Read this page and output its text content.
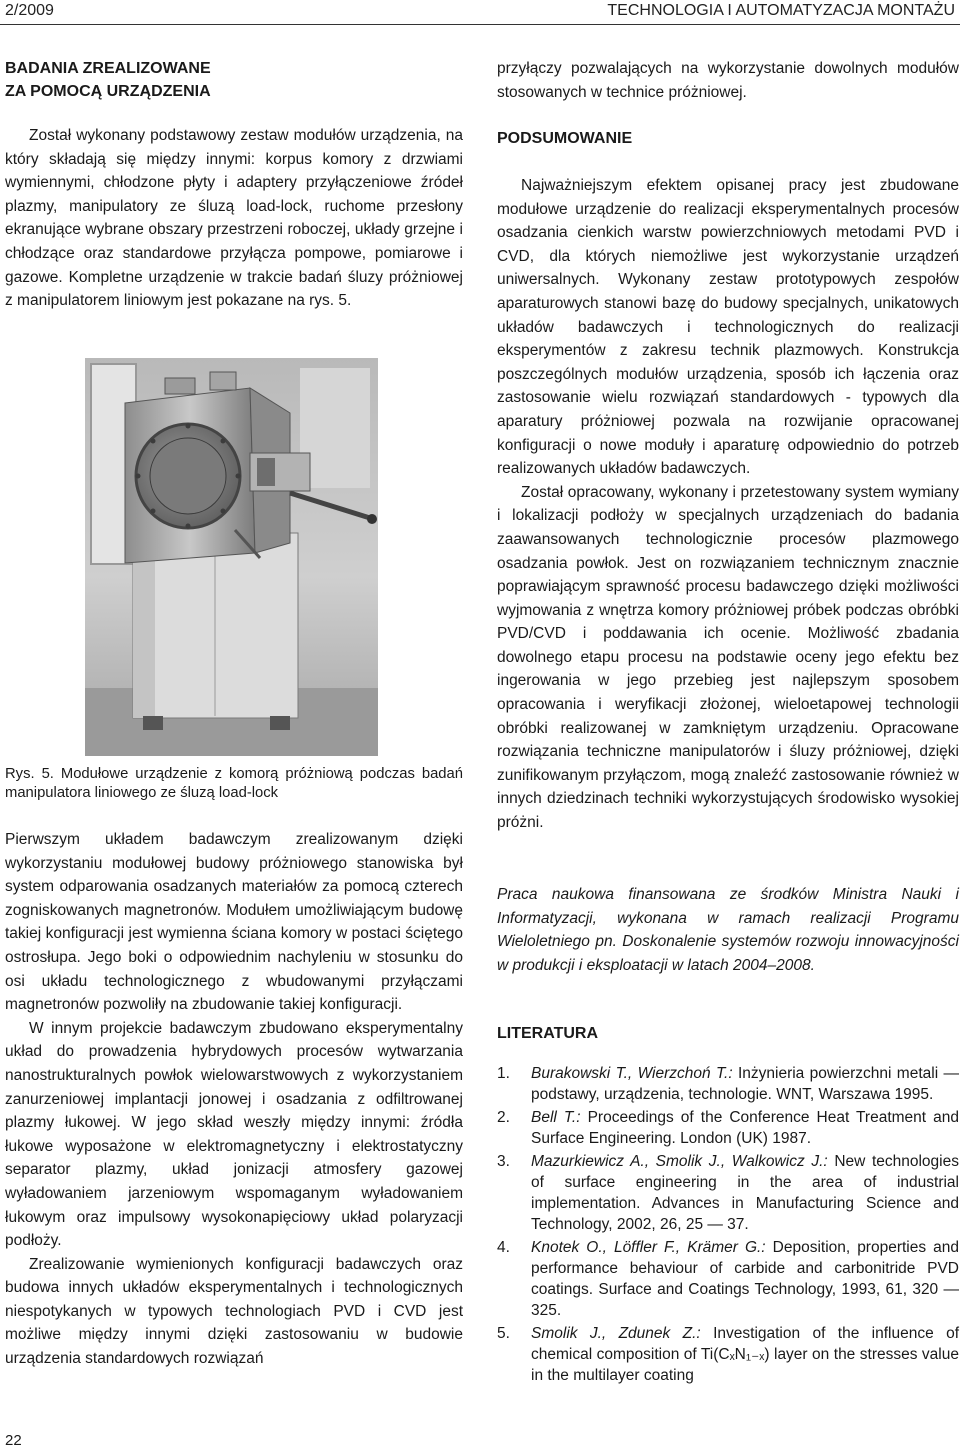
2/2009	TECHNOLOGIA I AUTOMATYZACJA MONTAŻU
BADANIA ZREALIZOWANE
ZA POMOCĄ URZĄDZENIA

Został wykonany podstawowy zestaw modułów urządzenia, na który składają się między innymi: korpus komory z drzwiami wymiennymi, chłodzone płyty i adaptery przyłączeniowe źródeł plazmy, manipulatory ze śluzą load-lock, ruchome przesłony ekranujące wybrane obszary przestrzeni roboczej, układy grzejne i chłodzące oraz standardowe przyłącza pompowe, pomiarowe i gazowe. Kompletne urządzenie w trakcie badań śluzy próżniowej z manipulatorem liniowym jest pokazane na rys. 5.

Rys. 5. Modułowe urządzenie z komorą próżniową podczas badań manipulatora liniowego ze śluzą load-lock

Pierwszym układem badawczym zrealizowanym dzięki wykorzystaniu modułowej budowy próżniowego stanowiska był system odparowania osadzanych materiałów za pomocą czterech zogniskowanych magnetronów. Modułem umożliwiającym budowę takiej konfiguracji jest wymienna ściana komory w postaci ściętego ostrosłupa. Jego boki o odpowiednim nachyleniu w stosunku do osi układu technologicznego z wbudowanymi przyłączami magnetronów pozwoliły na zbudowanie takiej konfiguracji.

W innym projekcie badawczym zbudowano eksperymentalny układ do prowadzenia hybrydowych procesów wytwarzania nanostrukturalnych powłok wielowarstwowych z wykorzystaniem zanurzeniowej implantacji jonowej i osadzania z odfiltrowanej plazmy łukowej. W jego skład weszły między innymi: źródła łukowe wyposażone w elektromagnetyczny i elektrostatyczny separator plazmy, układ jonizacji atmosfery gazowej wyładowaniem jarzeniowym wspomaganym wyładowaniem łukowym oraz impulsowy wysokonapięciowy układ polaryzacji podłoży.

Zrealizowanie wymienionych konfiguracji badawczych oraz budowa innych układów eksperymentalnych i technologicznych niespotykanych w typowych technologiach PVD i CVD jest możliwe między innymi dzięki zastosowaniu w budowie urządzenia standardowych rozwiązań

przyłączy pozwalających na wykorzystanie dowolnych modułów stosowanych w technice próżniowej.

PODSUMOWANIE

Najważniejszym efektem opisanej pracy jest zbudowane modułowe urządzenie do realizacji eksperymentalnych procesów osadzania cienkich warstw powierzchniowych metodami PVD i CVD, dla których niemożliwe jest wykorzystanie urządzeń uniwersalnych. Wykonany zestaw prototypowych zespołów aparaturowych stanowi bazę do budowy specjalnych, unikatowych układów badawczych i technologicznych do realizacji eksperymentów z zakresu technik plazmowych. Konstrukcja poszczególnych modułów urządzenia, sposób ich łączenia oraz zastosowanie wielu rozwiązań standardowych - typowych dla aparatury próżniowej pozwala na rozwijanie opracowanej konfiguracji o nowe moduły i aparaturę odpowiednio do potrzeb realizowanych układów badawczych.

Został opracowany, wykonany i przetestowany system wymiany i lokalizacji podłoży w specjalnych urządzeniach do badania zaawansowanych technologicznie procesów plazmowego osadzania powłok. Jest on rozwiązaniem technicznym znacznie poprawiającym sprawność procesu badawczego dzięki możliwości wyjmowania z wnętrza komory próżniowej próbek podczas obróbki PVD/CVD i poddawania ich ocenie. Możliwość zbadania dowolnego etapu procesu na podstawie oceny jego efektu bez ingerowania w jego przebieg jest najlepszym sposobem opracowania i weryfikacji złożonej, wieloetapowej technologii obróbki realizowanej w zamkniętym urządzeniu. Opracowane rozwiązania techniczne manipulatorów i śluzy próżniowej, dzięki zunifikowanym przyłączom, mogą znaleźć zastosowanie również w innych dziedzinach techniki wykorzystujących środowisko wysokiej próżni.

Praca naukowa finansowana ze środków Ministra Nauki i Informatyzacji, wykonana w ramach realizacji Programu Wieloletniego pn. Doskonalenie systemów rozwoju innowacyjności w produkcji i eksploatacji w latach 2004–2008.

LITERATURA
1. Burakowski T., Wierzchoń T.: Inżynieria powierzchni metali — podstawy, urządzenia, technologie. WNT, Warszawa 1995.
2. Bell T.: Proceedings of the Conference Heat Treatment and Surface Engineering. London (UK) 1987.
3. Mazurkiewicz A., Smolik J., Walkowicz J.: New technologies of surface engineering in the area of industrial implementation. Advances in Manufacturing Science and Technology, 2002, 26, 25 — 37.
4. Knotek O., Löffler F., Krämer G.: Deposition, properties and performance behaviour of carbide and carbonitride PVD coatings. Surface and Coatings Technology, 1993, 61, 320 — 325.
5. Smolik J., Zdunek Z.: Investigation of the influence of chemical composition of Ti(CₓN₁₋ₓ) layer on the stresses value in the multilayer coating
22
